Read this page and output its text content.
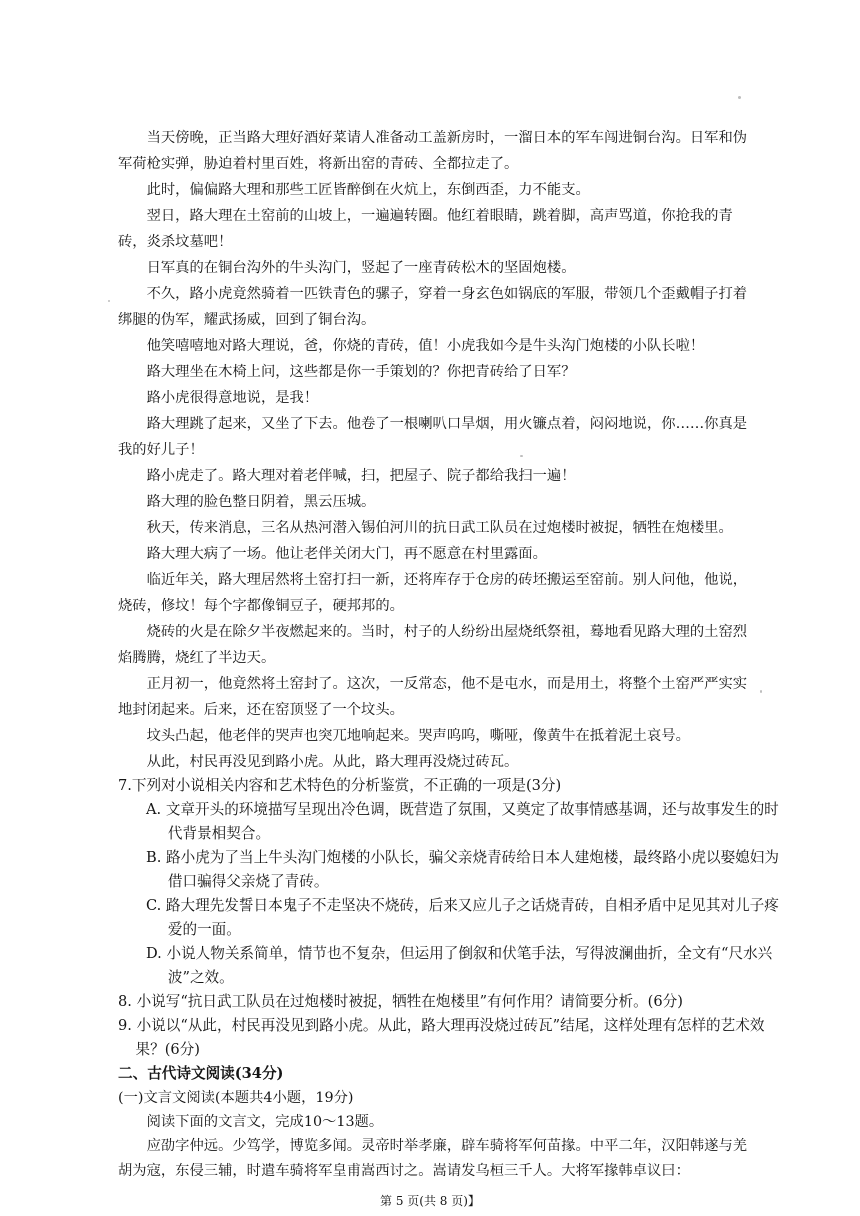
当天傍晚，正当路大理好酒好菜请人准备动工盖新房时，一溜日本的军车闯进铜台沟。日军和伪军荷枪实弹，胁迫着村里百姓，将新出窑的青砖、全都拉走了。

此时，偏偏路大理和那些工匠皆醉倒在火炕上，东倒西歪，力不能支。

翌日，路大理在土窑前的山坡上，一遍遍转圈。他红着眼睛，跳着脚，高声骂道，你抢我的青砖，炎杀坟墓吧！

日军真的在铜台沟外的牛头沟门，竖起了一座青砖松木的坚固炮楼。

不久，路小虎竟然骑着一匹铁青色的骡子，穿着一身玄色如锅底的军服，带领几个歪戴帽子打着绑腿的伪军，耀武扬威，回到了铜台沟。

他笑嘻嘻地对路大理说，爸，你烧的青砖，值！小虎我如今是牛头沟门炮楼的小队长啦！

路大理坐在木椅上问，这些都是你一手策划的？你把青砖给了日军？

路小虎很得意地说，是我！

路大理跳了起来，又坐了下去。他卷了一根喇叭口旱烟，用火镰点着，闷闷地说，你……你真是我的好儿子！

路小虎走了。路大理对着老伴喊，扫，把屋子、院子都给我扫一遍！

路大理的脸色整日阴着，黑云压城。

秋天，传来消息，三名从热河潜入锡伯河川的抗日武工队员在过炮楼时被捉，牺牲在炮楼里。

路大理大病了一场。他让老伴关闭大门，再不愿意在村里露面。

临近年关，路大理居然将土窑打扫一新，还将库存于仓房的砖坯搬运至窑前。别人问他，他说，烧砖，修坟！每个字都像铜豆子，硬邦邦的。

烧砖的火是在除夕半夜燃起来的。当时，村子的人纷纷出屋烧纸祭祖，蓦地看见路大理的土窑烈焰腾腾，烧红了半边天。

正月初一，他竟然将土窑封了。这次，一反常态，他不是屯水，而是用土，将整个土窑严严实实地封闭起来。后来，还在窑顶竖了一个坟头。

坟头凸起，他老伴的哭声也突兀地响起来。哭声呜呜，嘶哑，像黄牛在抵着泥土哀号。

从此，村民再没见到路小虎。从此，路大理再没烧过砖瓦。

7.下列对小说相关内容和艺术特色的分析鉴赏，不正确的一项是(3分)

A. 文章开头的环境描写呈现出冷色调，既营造了氛围，又奠定了故事情感基调，还与故事发生的时代背景相契合。

B. 路小虎为了当上牛头沟门炮楼的小队长，骗父亲烧青砖给日本人建炮楼，最终路小虎以娶媳妇为借口骗得父亲烧了青砖。

C. 路大理先发誓日本鬼子不走坚决不烧砖，后来又应儿子之话烧青砖，自相矛盾中足见其对儿子疼爱的一面。

D. 小说人物关系简单，情节也不复杂，但运用了倒叙和伏笔手法，写得波澜曲折，全文有“尺水兴波”之效。

8. 小说写“抗日武工队员在过炮楼时被捉，牺牲在炮楼里”有何作用？请简要分析。(6分)

9. 小说以“从此，村民再没见到路小虎。从此，路大理再没烧过砖瓦”结尾，这样处理有怎样的艺术效果？(6分)

第 5 页(共 8 页)】

二、古代诗文阅读(34分)

(一)文言文阅读(本题共4小题，19分)

阅读下面的文言文，完成10～13题。

应劭字仲远。少笃学，博览多闻。灵帝时举孝廉，辟车骑将军何苗掾。中平二年，汉阳韩遂与羌胡为寇，东侵三辅，时遣车骑将军皇甫嵩西讨之。嵩请发乌桓三千人。大将军掾韩卓议曰：
